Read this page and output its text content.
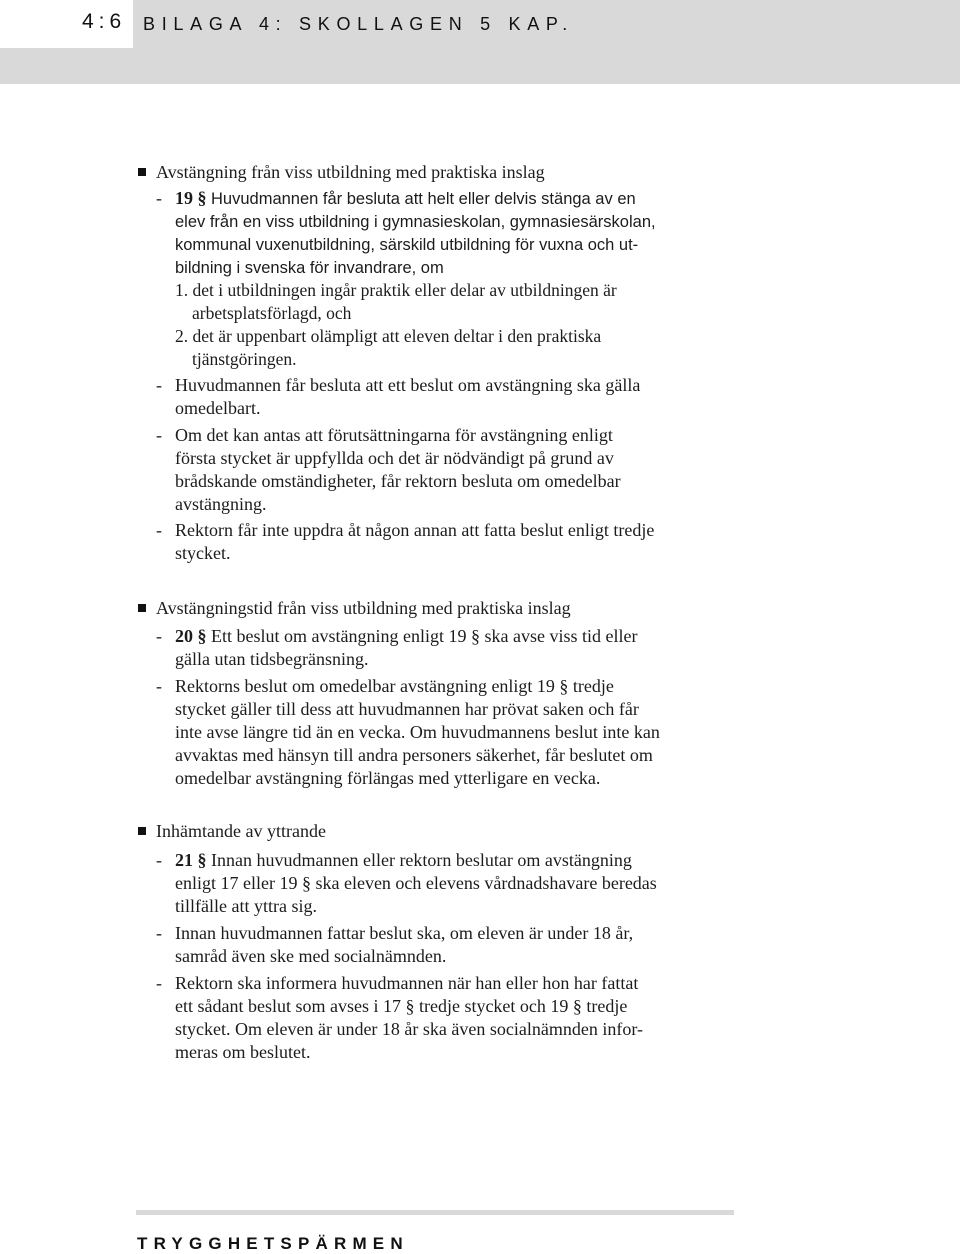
4:6 BILAGA 4: SKOLLAGEN 5 KAP.
Avstängning från viss utbildning med praktiska inslag
- 19 § Huvudmannen får besluta att helt eller delvis stänga av en
elev från en viss utbildning i gymnasieskolan, gymnasiesärskolan,
kommunal vuxenutbildning, särskild utbildning för vuxna och ut-
bildning i svenska för invandrare, om
1. det i utbildningen ingår praktik eller delar av utbildningen är
arbetsplatsförlagd, och
2. det är uppenbart olämpligt att eleven deltar i den praktiska
tjänstgöringen.
- Huvudmannen får besluta att ett beslut om avstängning ska gälla
omedelbart.
- Om det kan antas att förutsättningarna för avstängning enligt
första stycket är uppfyllda och det är nödvändigt på grund av
brådskande omständigheter, får rektorn besluta om omedelbar
avstängning.
- Rektorn får inte uppdra åt någon annan att fatta beslut enligt tredje
stycket.
Avstängningstid från viss utbildning med praktiska inslag
- 20 § Ett beslut om avstängning enligt 19 § ska avse viss tid eller
gälla utan tidsbegränsning.
- Rektorns beslut om omedelbar avstängning enligt 19 § tredje
stycket gäller till dess att huvudmannen har prövat saken och får
inte avse längre tid än en vecka. Om huvudmannens beslut inte kan
avvaktas med hänsyn till andra personers säkerhet, får beslutet om
omedelbar avstängning förlängas med ytterligare en vecka.
Inhämtande av yttrande
- 21 § Innan huvudmannen eller rektorn beslutar om avstängning
enligt 17 eller 19 § ska eleven och elevens vårdnadshavare beredas
tillfälle att yttra sig.
- Innan huvudmannen fattar beslut ska, om eleven är under 18 år,
samråd även ske med socialnämnden.
- Rektorn ska informera huvudmannen när han eller hon har fattat
ett sådant beslut som avses i 17 § tredje stycket och 19 § tredje
stycket. Om eleven är under 18 år ska även socialnämnden infor-
meras om beslutet.
TRYGGHETSPÄRMEN
